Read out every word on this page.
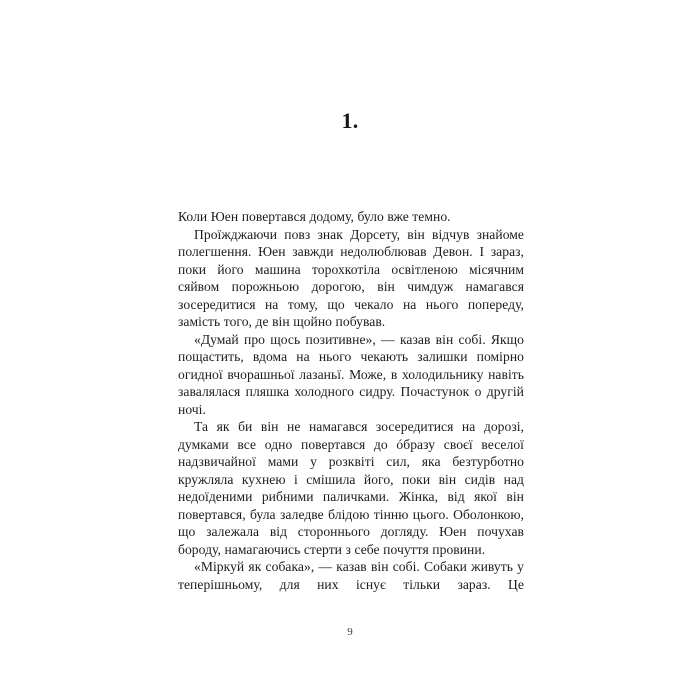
1.

Коли Юен повертався додому, було вже темно.

Проїжджаючи повз знак Дорсету, він відчув знайоме полегшення. Юен завжди недолюблював Девон. І зараз, поки його машина торохкотіла освітленою місячним сяйвом порожньою дорогою, він чимдуж намагався зосередитися на тому, що чекало на нього попереду, замість того, де він щойно побував.

«Думай про щось позитивне», — казав він собі. Якщо пощастить, вдома на нього чекають залишки помірно огидної вчорашньої лазаньї. Може, в холодильнику навіть завалялася пляшка холодного сидру. Почастунок о другій ночі.

Та як би він не намагався зосередитися на дорозі, думками все одно повертався до óбразу своєї веселої надзвичайної мами у розквіті сил, яка безтурботно кружляла кухнею і смішила його, поки він сидів над недоїденими рибними паличками. Жінка, від якої він повертався, була заледве блідою тінню цього. Оболонкою, що залежала від стороннього догляду. Юен почухав бороду, намагаючись стерти з себе почуття провини.

«Міркуй як собака», — казав він собі. Собаки живуть у теперішньому, для них існує тільки зараз. Це

9
